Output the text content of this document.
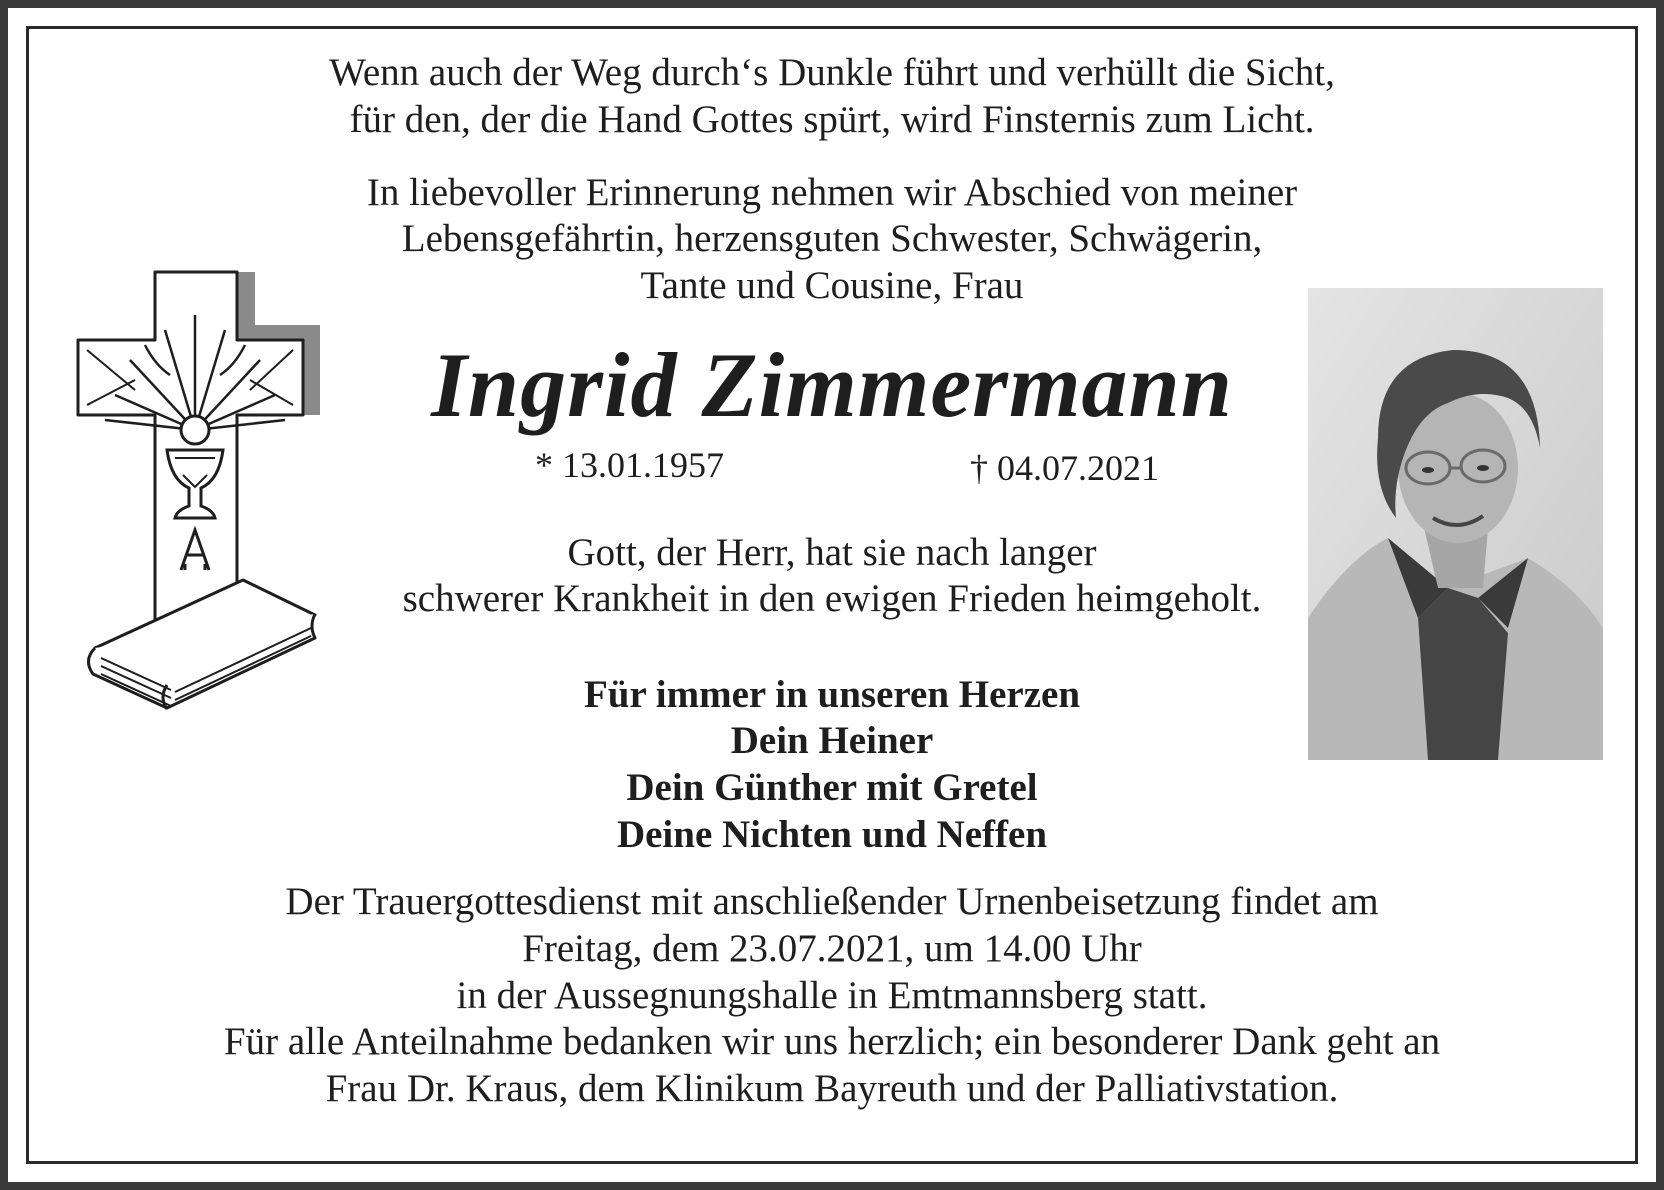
Wenn auch der Weg durch‘s Dunkle führt und verhüllt die Sicht,
für den, der die Hand Gottes spürt, wird Finsternis zum Licht.
In liebevoller Erinnerung nehmen wir Abschied von meiner
Lebensgefährtin, herzensguten Schwester, Schwägerin,
Tante und Cousine, Frau
Ingrid Zimmermann
* 13.01.1957	† 04.07.2021
Gott, der Herr, hat sie nach langer
schwerer Krankheit in den ewigen Frieden heimgeholt.
Für immer in unseren Herzen
Dein Heiner
Dein Günther mit Gretel
Deine Nichten und Neffen
Der Trauergottesdienst mit anschließender Urnenbeisetzung findet am
Freitag, dem 23.07.2021, um 14.00 Uhr
in der Aussegnungshalle in Emtmannsberg statt.
Für alle Anteilnahme bedanken wir uns herzlich; ein besonderer Dank geht an
Frau Dr. Kraus, dem Klinikum Bayreuth und der Palliativstation.
